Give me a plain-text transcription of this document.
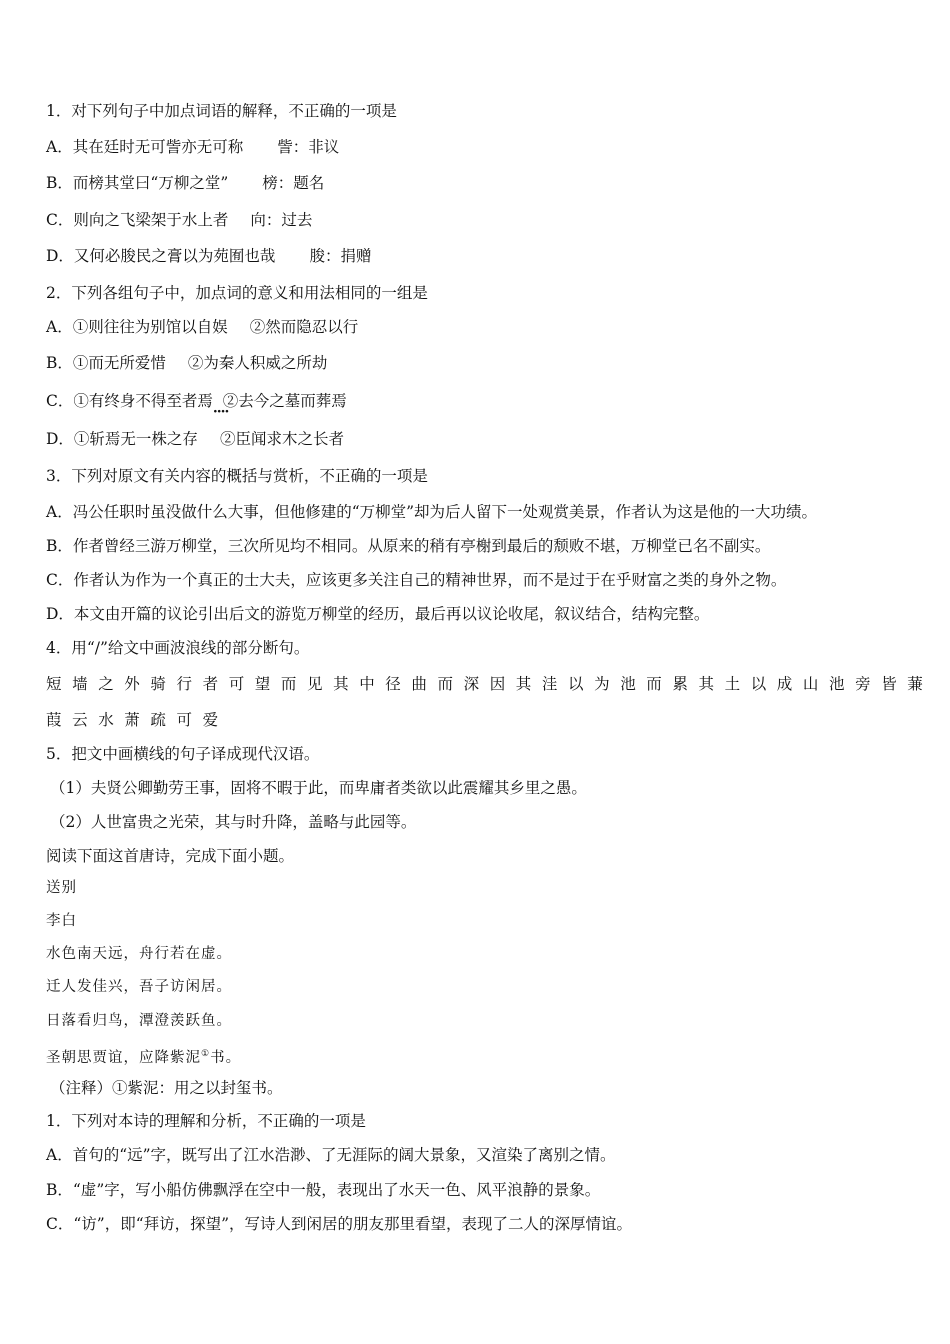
1．对下列句子中加点词语的解释，不正确的一项是
A．其在廷时无可訾亦无可称 訾：非议
B．而榜其堂曰“万柳之堂” 榜：题名
C．则向之飞梁架于水上者 向：过去
D．又何必朘民之膏以为苑囿也哉 朘：捐赠
2．下列各组句子中，加点词的意义和用法相同的一组是
A．①则往往为别馆以自娱 ②然而隐忍以行
B．①而无所爱惜 ②为秦人积威之所劫
C．①有终身不得至者焉   ···· ②去今之墓而葬焉
D．①斩焉无一株之存 ②臣闻求木之长者
3．下列对原文有关内容的概括与赏析，不正确的一项是
A．冯公任职时虽没做什么大事，但他修建的“万柳堂”却为后人留下一处观赏美景，作者认为这是他的一大功绩。
B．作者曾经三游万柳堂，三次所见均不相同。从原来的稍有亭榭到最后的颓败不堪，万柳堂已名不副实。
C．作者认为作为一个真正的士大夫，应该更多关注自己的精神世界，而不是过于在乎财富之类的身外之物。
D．本文由开篇的议论引出后文的游览万柳堂的经历，最后再以议论收尾，叙议结合，结构完整。
4．用“/”给文中画波浪线的部分断句。
短墙之外骑行者可望而见其中径曲而深因其洼以为池而累其土以成山池旁皆蒹
葭云水萧疏可爱
5．把文中画横线的句子译成现代汉语。
（1）夫贤公卿勤劳王事，固将不暇于此，而卑庸者类欲以此震耀其乡里之愚。
（2）人世富贵之光荣，其与时升降，盖略与此园等。
阅读下面这首唐诗，完成下面小题。
送别
李白
水色南天远，舟行若在虚。
迁人发佳兴，吾子访闲居。
日落看归鸟，潭澄羡跃鱼。
圣朝思贾谊，应降紫泥①书。
（注释）①紫泥：用之以封玺书。
1．下列对本诗的理解和分析，不正确的一项是
A．首句的“远”字，既写出了江水浩渺、了无涯际的阔大景象，又渲染了离别之情。
B．“虚”字，写小船仿佛飘浮在空中一般，表现出了水天一色、风平浪静的景象。
C．“访”，即“拜访，探望”，写诗人到闲居的朋友那里看望，表现了二人的深厚情谊。
